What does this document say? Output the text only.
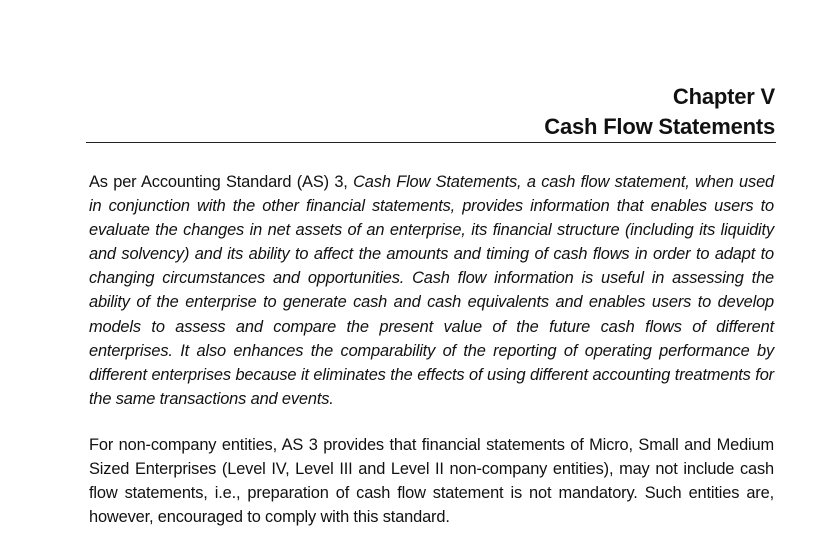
Chapter V
Cash Flow Statements

As per Accounting Standard (AS) 3, Cash Flow Statements, a cash flow statement, when used in conjunction with the other financial statements, provides information that enables users to evaluate the changes in net assets of an enterprise, its financial structure (including its liquidity and solvency) and its ability to affect the amounts and timing of cash flows in order to adapt to changing circumstances and opportunities. Cash flow information is useful in assessing the ability of the enterprise to generate cash and cash equivalents and enables users to develop models to assess and compare the present value of the future cash flows of different enterprises. It also enhances the comparability of the reporting of operating performance by different enterprises because it eliminates the effects of using different accounting treatments for the same transactions and events.

For non-company entities, AS 3 provides that financial statements of Micro, Small and Medium Sized Enterprises (Level IV, Level III and Level II non-company entities), may not include cash flow statements, i.e., preparation of cash flow statement is not mandatory. Such entities are, however, encouraged to comply with this standard.
